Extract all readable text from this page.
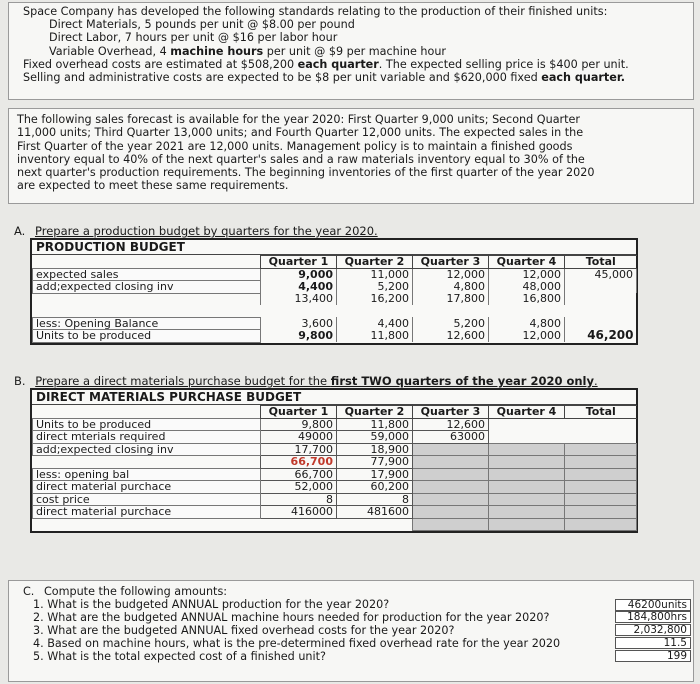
Space Company has developed the following standards relating to the production of their finished units:
Direct Materials, 5 pounds per unit @ $8.00 per pound
Direct Labor, 7 hours per unit @ $16 per labor hour
Variable Overhead, 4 machine hours per unit @ $9 per machine hour
Fixed overhead costs are estimated at $508,200 each quarter. The expected selling price is $400 per unit.
Selling and administrative costs are expected to be $8 per unit variable and $620,000 fixed each quarter.
The following sales forecast is available for the year 2020: First Quarter 9,000 units; Second Quarter
11,000 units; Third Quarter 13,000 units; and Fourth Quarter 12,000 units. The expected sales in the
First Quarter of the year 2021 are 12,000 units. Management policy is to maintain a finished goods
inventory equal to 40% of the next quarter's sales and a raw materials inventory equal to 30% of the
next quarter's production requirements. The beginning inventories of the first quarter of the year 2020
are expected to meet these same requirements.
A. Prepare a production budget by quarters for the year 2020.
PRODUCTION BUDGET
	Quarter 1	Quarter 2	Quarter 3	Quarter 4	Total
expected sales	9,000	11,000	12,000	12,000	45,000
add;expected closing inv	4,400	5,200	4,800	48,000	
	13,400	16,200	17,800	16,800	

less: Opening Balance	3,600	4,400	5,200	4,800	
Units to be produced	9,800	11,800	12,600	12,000	46,200
B. Prepare a direct materials purchase budget for the first TWO quarters of the year 2020 only.
DIRECT MATERIALS PURCHASE BUDGET
	Quarter 1	Quarter 2	Quarter 3	Quarter 4	Total
Units to be produced	9,800	11,800	12,600		
direct mterials required	49000	59,000	63000		
add;expected closing inv	17,700	18,900			
	66,700	77,900			
less: opening bal	66,700	17,900			
direct material purchace	52,000	60,200			
cost price	8	8			
direct material purchace	416000	481600			

C. Compute the following amounts:
1. What is the budgeted ANNUAL production for the year 2020?
2. What are the budgeted ANNUAL machine hours needed for production for the year 2020?
3. What are the budgeted ANNUAL fixed overhead costs for the year 2020?
4. Based on machine hours, what is the pre-determined fixed overhead rate for the year 2020
5. What is the total expected cost of a finished unit?
46200units
184,800hrs
2,032,800
11.5
199
